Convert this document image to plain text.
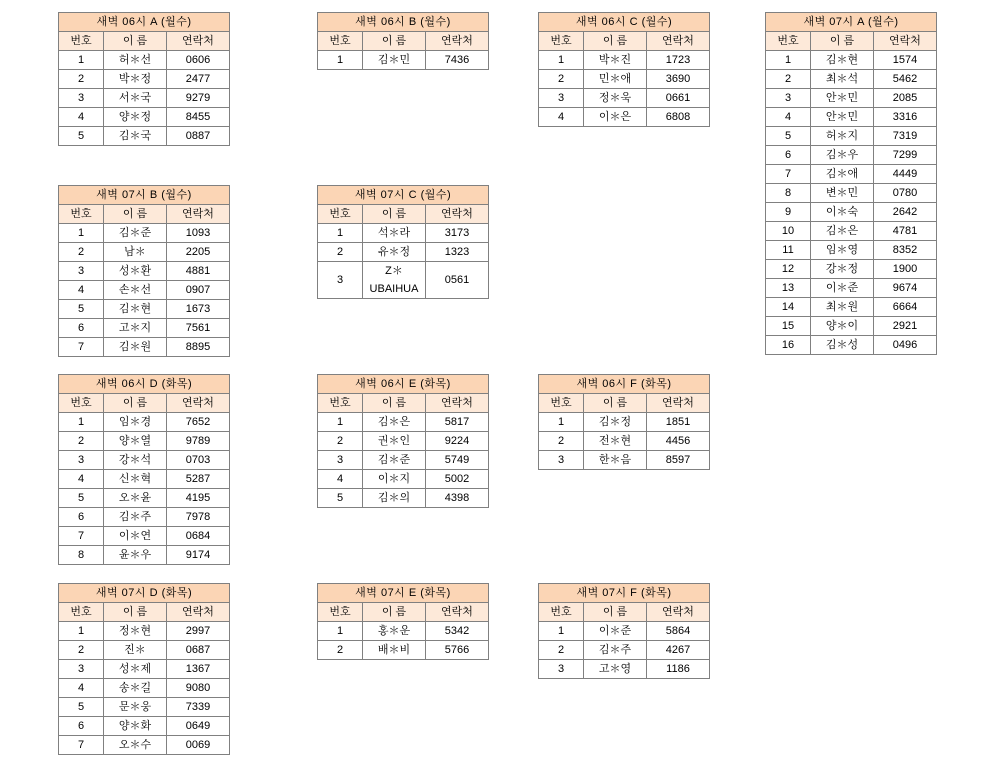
새벽 06시 A (월수)		
번호	이 름	연락처
1	허＊선	0606
2	박＊정	2477
3	서＊국	9279
4	양＊정	8455
5	김＊국	0887
새벽 06시 B (월수)		
번호	이 름	연락처
1	김＊민	7436
새벽 06시 C (월수)		
번호	이 름	연락처
1	박＊진	1723
2	민＊애	3690
3	정＊욱	0661
4	이＊은	6808
새벽 07시 A (월수)		
번호	이 름	연락처
1	김＊현	1574
2	최＊석	5462
3	안＊민	2085
4	안＊민	3316
5	허＊지	7319
6	김＊우	7299
7	김＊애	4449
8	변＊민	0780
9	이＊숙	2642
10	김＊은	4781
11	임＊영	8352
12	강＊정	1900
13	이＊준	9674
14	최＊원	6664
15	양＊이	2921
16	김＊성	0496
새벽 07시 B (월수)		
번호	이 름	연락처
1	김＊준	1093
2	남＊	2205
3	성＊환	4881
4	손＊선	0907
5	김＊현	1673
6	고＊지	7561
7	김＊원	8895
새벽 07시 C (월수)		
번호	이 름	연락처
1	석＊라	3173
2	유＊정	1323
3	Z＊UBAIHUA	0561
새벽 06시 D (화목)		
번호	이 름	연락처
1	임＊경	7652
2	양＊열	9789
3	강＊석	0703
4	신＊혁	5287
5	오＊윤	4195
6	김＊주	7978
7	이＊연	0684
8	윤＊우	9174
새벽 06시 E (화목)		
번호	이 름	연락처
1	김＊은	5817
2	권＊인	9224
3	김＊준	5749
4	이＊지	5002
5	김＊의	4398
새벽 06시 F (화목)		
번호	이 름	연락처
1	김＊정	1851
2	전＊현	4456
3	한＊음	8597
새벽 07시 D (화목)		
번호	이 름	연락처
1	정＊현	2997
2	진＊	0687
3	성＊제	1367
4	송＊길	9080
5	문＊웅	7339
6	양＊화	0649
7	오＊수	0069
새벽 07시 E (화목)		
번호	이 름	연락처
1	홍＊운	5342
2	배＊비	5766
새벽 07시 F (화목)		
번호	이 름	연락처
1	이＊준	5864
2	김＊주	4267
3	고＊영	1186
